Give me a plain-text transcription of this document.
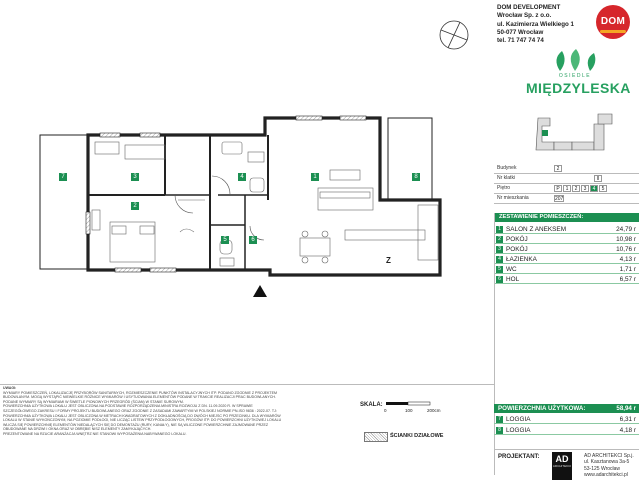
1
2
3	4
5	6
7	8
Z
DOM DEVELOPMENT
Wrocław Sp. z o.o.
ul. Kazimierza Wielkiego 1
50-077 Wrocław
tel. 71 747 74 74
DOM
OSIEDLE
MIĘDZYLESKA
Budynek	2
Nr klatki	II
Piętro	P	1	2	3	4	5
Nr mieszkania	207
ZESTAWIENIE POMIESZCZEŃ:
1 SALON Z ANEKSEM	24,79 r
2 POKÓJ	10,98 r
3 POKÓJ	10,76 r
4 ŁAZIENKA	4,13 r
5 WC	1,71 r
6 HOL	6,57 r
POWIERZCHNIA UŻYTKOWA:	58,94 r
7 LOGGIA	6,31 r
8 LOGGIA	4,18 r
UWAGI:
WYMIARY POMIESZCZEŃ, LOKALIZACJĘ PRZYBORÓW SANITARNYCH, ROZMIESZCZENIE PUNKTÓW INSTALACYJNYCH ITP. PODANO ZGODNIE Z PROJEKTEM
BUDOWLANYM. MOGĄ WYSTĄPIĆ NIEWIELKIE RÓŻNICE WYMIARÓW I USYTUOWANIA ELEMENTÓW PODANE W TRAKCIE REALIZACJI PRAC BUDOWLANYCH.
PODANE WYMIARY SĄ WYMIARAMI W ŚWIETLE PIONOWYCH PRZEGRÓD (ŚCIAN) W STANIE SUROWYM.
POWIERZCHNIA UŻYTKOWA LOKALU JEST OBLICZONA NA PODSTAWIE ROZPORZĄDZENIA MINISTRA ROZWOJU Z DN. 11.09.2020 R. W SPRAWIE
SZCZEGÓŁOWEGO ZAKRESU I FORMY PROJEKTU BUDOWLANEGO ORAZ ZGODNIE Z ZASADAMI ZAWARTYMI W POLSKIEJ NORMIE PN-ISO 9836 : 2022-07. TJ:
POWIERZCHNIA UŻYTKOWA LOKALU JEST OBLICZONA W METRACH KWADRATOWYCH Z DOKŁADNOŚCIĄ DO DWÓCH MIEJSC PO PRZECINKU. DLA WYMIARÓW
LOKALU W STANIE WYKOŃCZONYM, NA POZIOMIE PODŁOGI, NIE LICZĄC LISTEW PRZYPODŁOGOWYCH, PROGÓW ITP. DO POWIERZCHNI UŻYTKOWEJ LOKALU
WLICZA SIĘ POWIERZCHNIĘ ELEMENTÓW NIEDALĄCYCH SIĘ DO DEMONTAŻU (RURY, KANAŁY), NIE SĄ WLICZONE POWIERZCHNIE ZAJMOWANE PRZEZ
OBUDOWANE NA DRZWI I OKNA ORAZ W OBRĘBIE NISZ ELEMENTY ZAMYKAJĄCYCH.
PREZENTOWANE NA RZUCIE ARANŻACJA WNĘTRZ NIE STANOWI WYPOSAŻENIA NABYWANEGO LOKALU.
SKALA:
0	100	200cm
ŚCIANKI DZIAŁOWE
PROJEKTANT:	AD
ARCHITEKCI
AD ARCHITEKCI Sp.j.
ul. Kasztanowa 3a-5
53-125 Wrocław
www.adarchitekci.pl
